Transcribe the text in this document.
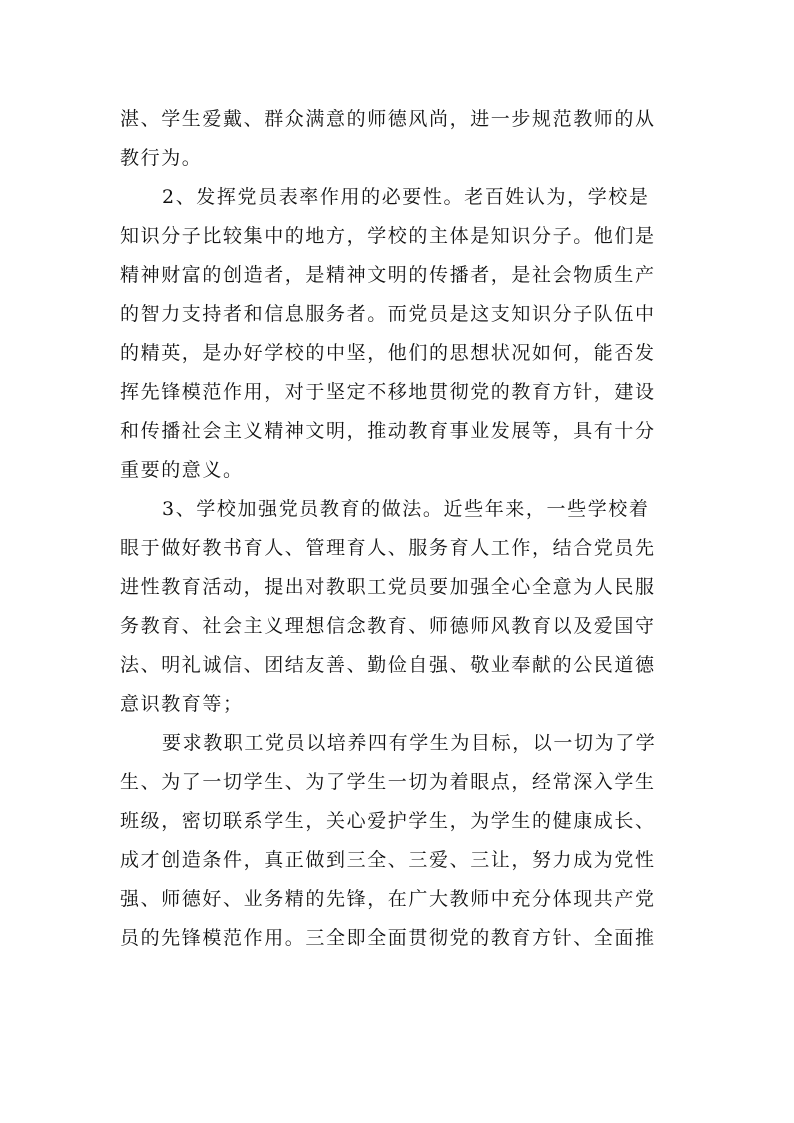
湛、学生爱戴、群众满意的师德风尚，进一步规范教师的从
教行为。
2、发挥党员表率作用的必要性。老百姓认为，学校是
知识分子比较集中的地方，学校的主体是知识分子。他们是
精神财富的创造者，是精神文明的传播者，是社会物质生产
的智力支持者和信息服务者。而党员是这支知识分子队伍中
的精英，是办好学校的中坚，他们的思想状况如何，能否发
挥先锋模范作用，对于坚定不移地贯彻党的教育方针，建设
和传播社会主义精神文明，推动教育事业发展等，具有十分
重要的意义。
3、学校加强党员教育的做法。近些年来，一些学校着
眼于做好教书育人、管理育人、服务育人工作，结合党员先
进性教育活动，提出对教职工党员要加强全心全意为人民服
务教育、社会主义理想信念教育、师德师风教育以及爱国守
法、明礼诚信、团结友善、勤俭自强、敬业奉献的公民道德
意识教育等；
要求教职工党员以培养四有学生为目标，以一切为了学
生、为了一切学生、为了学生一切为着眼点，经常深入学生
班级，密切联系学生，关心爱护学生，为学生的健康成长、
成才创造条件，真正做到三全、三爱、三让，努力成为党性
强、师德好、业务精的先锋，在广大教师中充分体现共产党
员的先锋模范作用。三全即全面贯彻党的教育方针、全面推
